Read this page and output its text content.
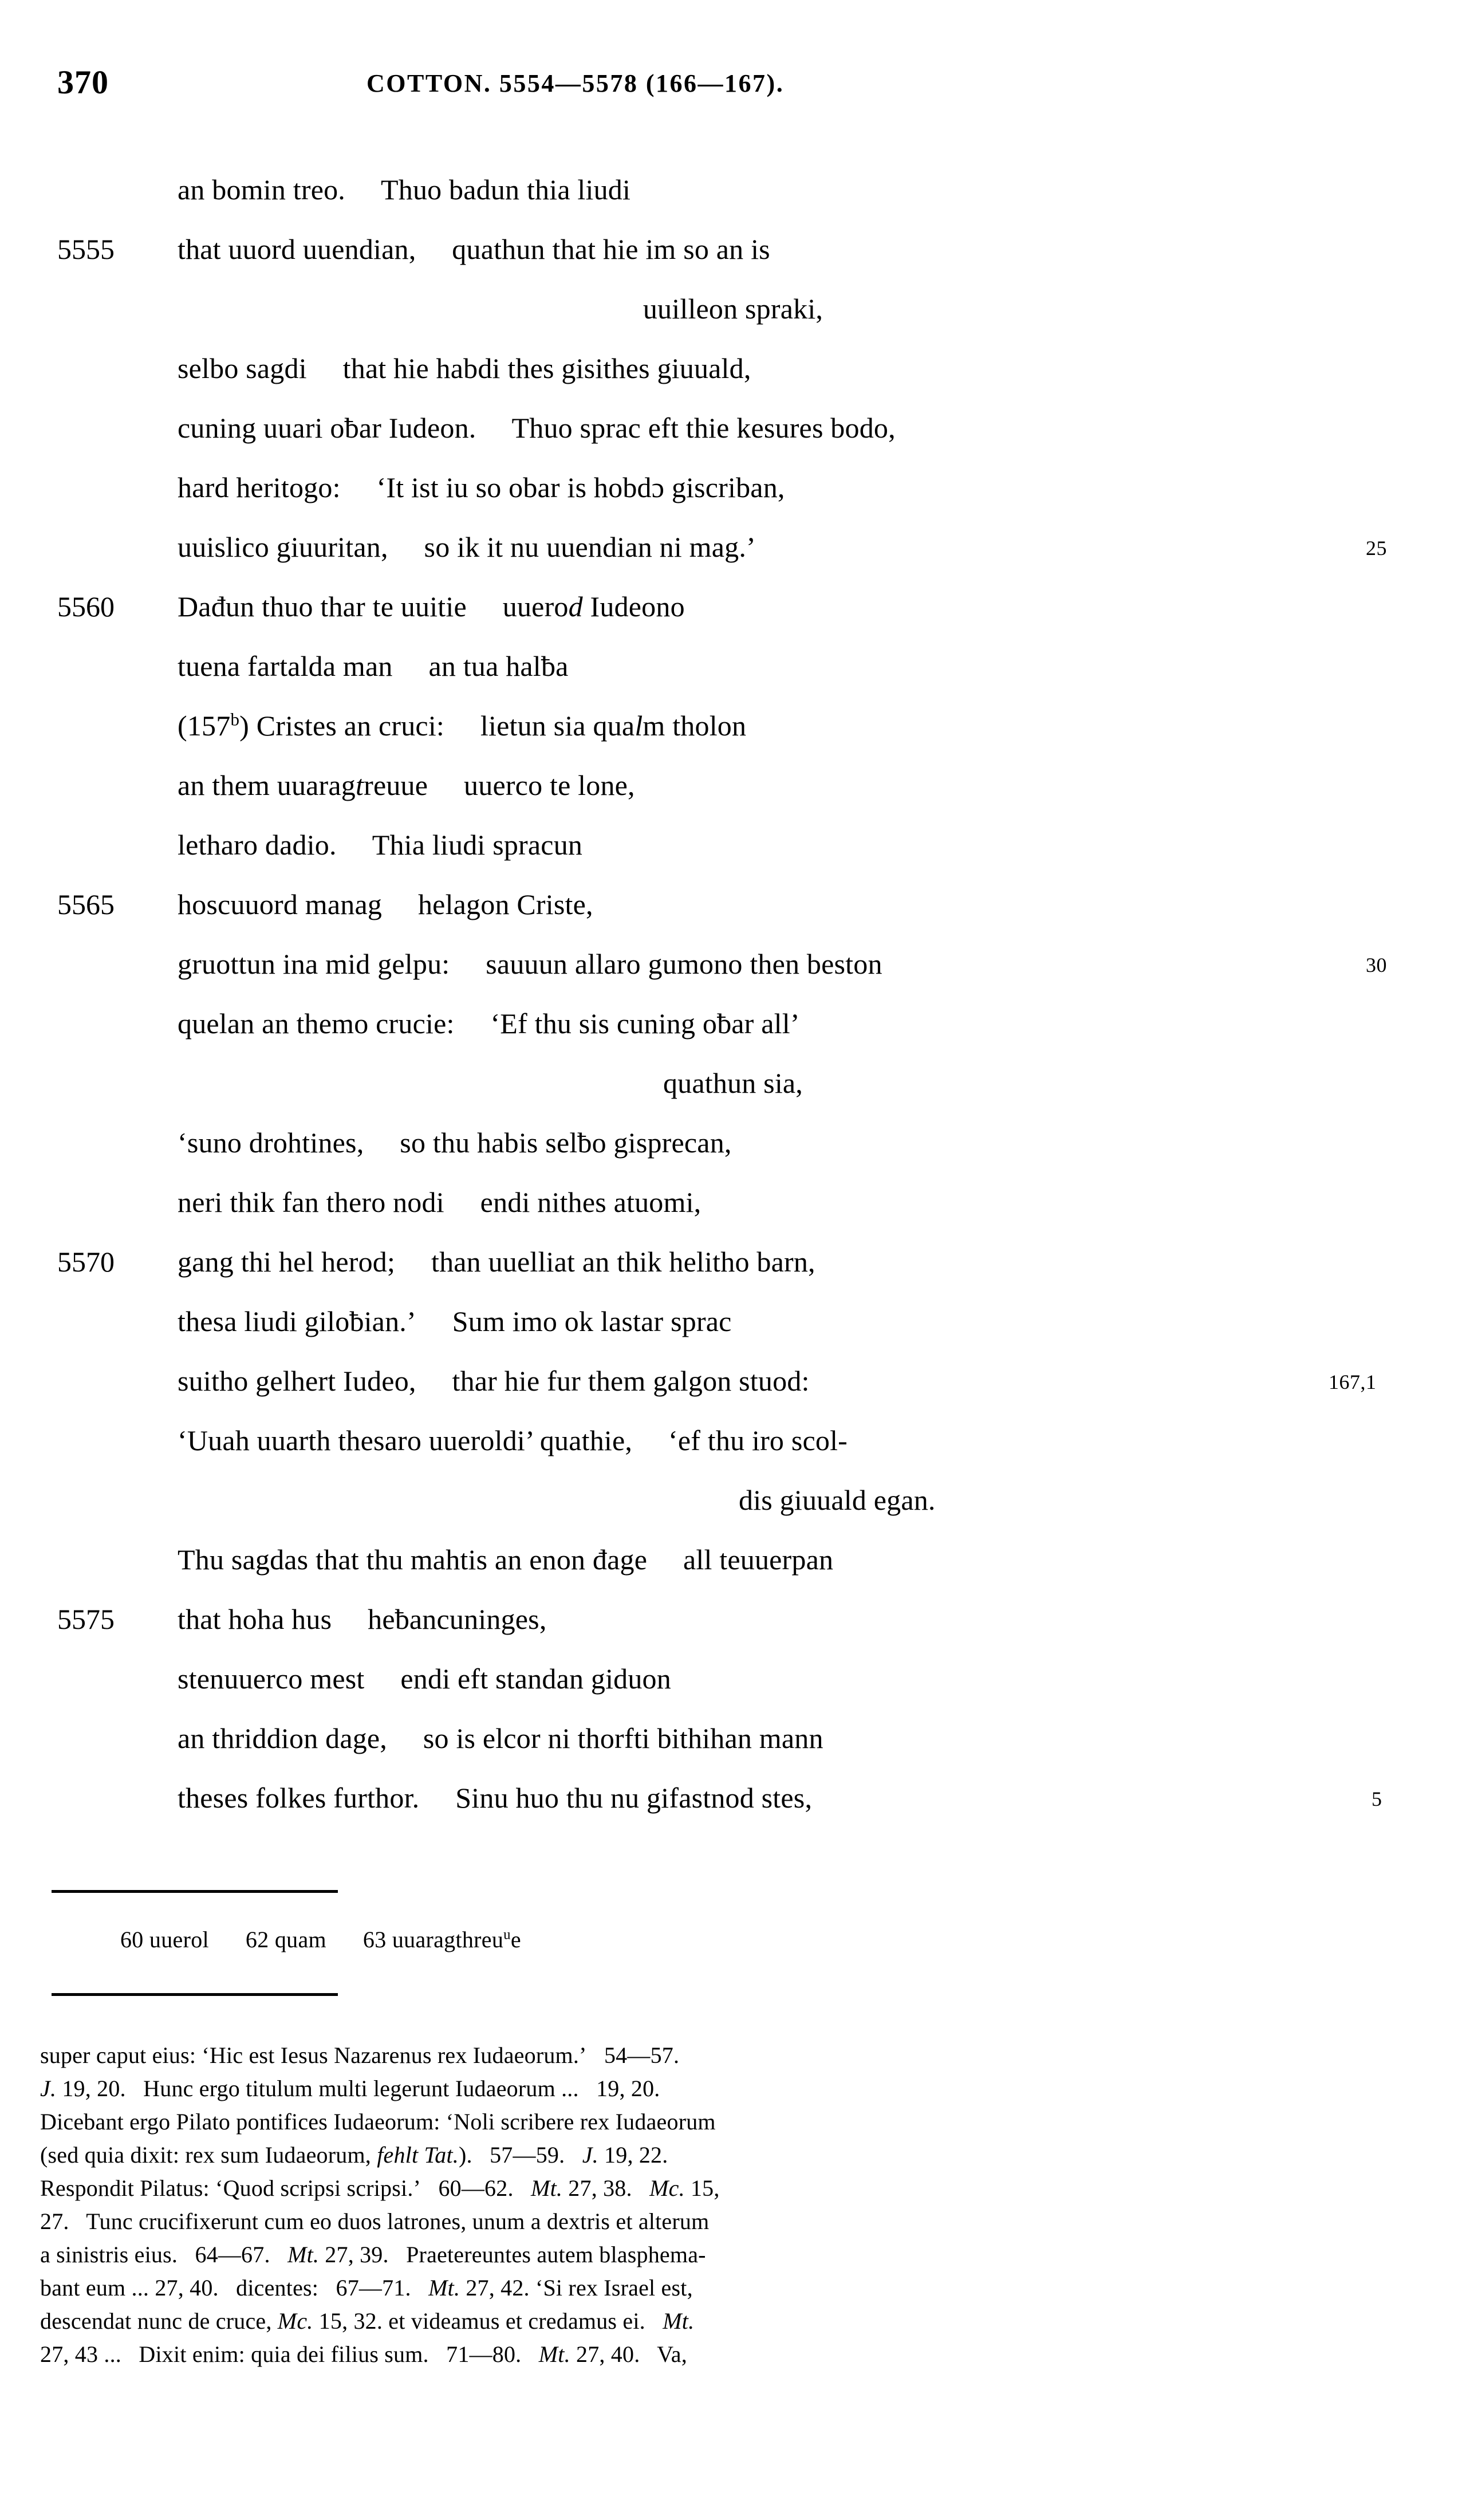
370	COTTON. 5554—5578 (166—167).
an bomin treo.  Thuo badun thia liudi
5555	that uuord uuendian,  quathun that hie im so an is
uuilleon spraki,
selbo sagdi  that hie habdi thes gisithes giuuald,
cuning uuari oƀar Iudeon.  Thuo sprac eft thie kesures bodo,
hard heritogo:  ‘It ist iu so obar is hobdɔ giscriban,
uuislico giuuritan,  so ik it nu uuendian ni mag.’	25
5560	Dađun thuo thar te uuitie  uuerod Iudeono
tuena fartalda man  an tua halƀa
(157$^b$) Cristes an cruci:  lietun sia qualm tholon
an them uuaragtreuue  uuerco te lone,
letharo dadio.  Thia liudi spracun
5565	hoscuuord manag  helagon Criste,
gruottun ina mid gelpu:  sauuun allaro gumono then beston	30
quelan an themo crucie:  ‘Ef thu sis cuning oƀar all’
quathun sia,
‘suno drohtines,  so thu habis selƀo gisprecan,
neri thik fan thero nodi  endi nithes atuomi,
5570	gang thi hel herod;  than uuelliat an thik helitho barn,
thesa liudi giloƀian.’  Sum imo ok lastar sprac
suitho gelhert Iudeo,  thar hie fur them galgon stuod:	167,1
‘Uuah uuarth thesaro uueroldi’ quathie,  ‘ef thu iro scol-
dis giuuald egan.
Thu sagdas that thu mahtis an enon đage  all teuuerpan
5575	that hoha hus  heƀancuninges,
stenuuerco mest  endi eft standan giduon
an thriddion dage,  so is elcor ni thorfti bithihan mann
theses folkes furthor.  Sinu huo thu nu gifastnod stes,	5
60 uuerol 62 quam 63 uuaragthreu$^u$e
super caput eius: ‘Hic est Iesus Nazarenus rex Iudaeorum.’  54—57.
J. 19, 20.  Hunc ergo titulum multi legerunt Iudaeorum ...  19, 20.
Dicebant ergo Pilato pontifices Iudaeorum: ‘Noli scribere rex Iudaeorum
(sed quia dixit: rex sum Iudaeorum, fehlt Tat.).  57—59.  J. 19, 22.
Respondit Pilatus: ‘Quod scripsi scripsi.’  60—62.  Mt. 27, 38.  Mc. 15,
27.  Tunc crucifixerunt cum eo duos latrones, unum a dextris et alterum
a sinistris eius.  64—67.  Mt. 27, 39.  Praetereuntes autem blasphema-
bant eum ... 27, 40.  dicentes:  67—71.  Mt. 27, 42. ‘Si rex Israel est,
descendat nunc de cruce, Mc. 15, 32. et videamus et credamus ei.  Mt.
27, 43 ...  Dixit enim: quia dei filius sum.  71—80.  Mt. 27, 40.  Va,
